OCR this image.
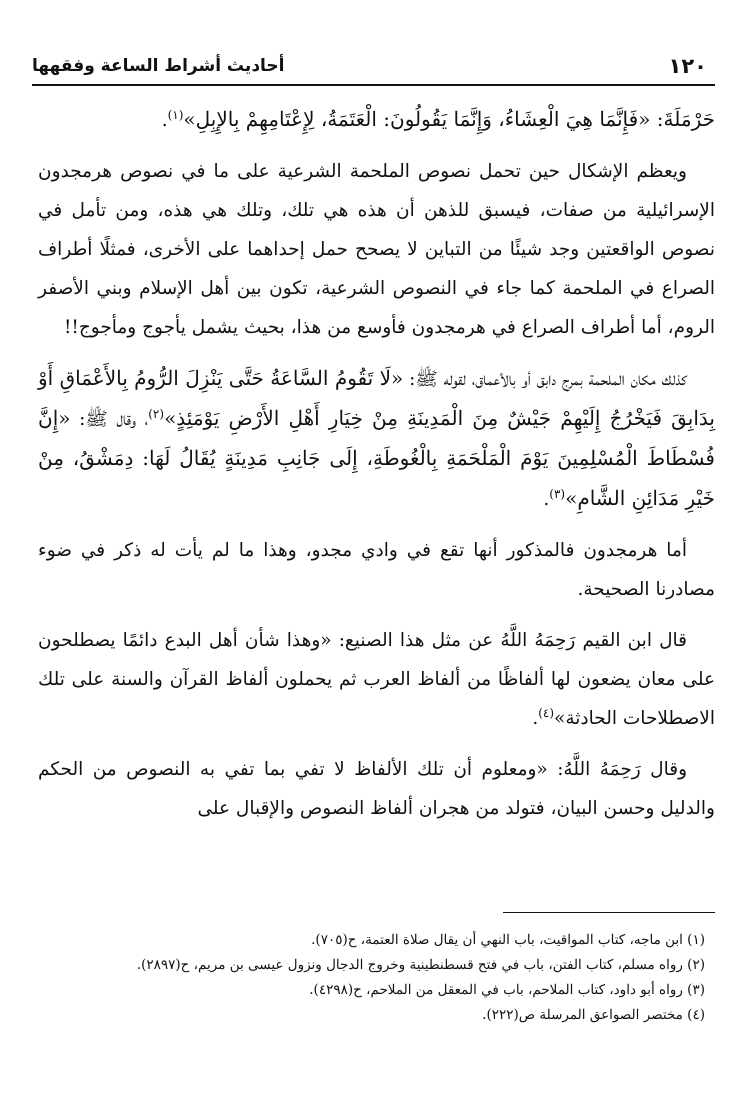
١٢٠
أحاديث أشراط الساعة وفقهها

حَرْمَلَةَ: «فَإِنَّمَا هِيَ الْعِشَاءُ، وَإِنَّمَا يَقُولُونَ: الْعَتَمَةُ، لِإِعْتَامِهِمْ بِالإِبِلِ»$^{(١)}$.

ويعظم الإشكال حين تحمل نصوص الملحمة الشرعية على ما في نصوص هرمجدون الإسرائيلية من صفات، فيسبق للذهن أن هذه هي تلك، وتلك هي هذه، ومن تأمل في نصوص الواقعتين وجد شيئًا من التباين لا يصحح حمل إحداهما على الأخرى، فمثلًا أطراف الصراع في الملحمة كما جاء في النصوص الشرعية، تكون بين أهل الإسلام وبني الأصفر الروم، أما أطراف الصراع في هرمجدون فأوسع من هذا، بحيث يشمل يأجوج ومأجوج!!

كذلك مكان الملحمة بمرج دابق أو بالأعماق، لقوله ﷺ: «لَا تَقُومُ السَّاعَةُ حَتَّى يَنْزِلَ الرُّومُ بِالأَعْمَاقِ أَوْ بِدَابِقَ فَيَخْرُجُ إِلَيْهِمْ جَيْشٌ مِنَ الْمَدِينَةِ مِنْ خِيَارِ أَهْلِ الأَرْضِ يَوْمَئِذٍ»$^{(٢)}$، وقال ﷺ: «إِنَّ فُسْطَاطَ الْمُسْلِمِينَ يَوْمَ الْمَلْحَمَةِ بِالْغُوطَةِ، إِلَى جَانِبِ مَدِينَةٍ يُقَالُ لَهَا: دِمَشْقُ، مِنْ خَيْرِ مَدَائِنِ الشَّامِ»$^{(٣)}$.

أما هرمجدون فالمذكور أنها تقع في وادي مجدو، وهذا ما لم يأت له ذكر في ضوء مصادرنا الصحيحة.

قال ابن القيم رَحِمَهُ اللَّهُ عن مثل هذا الصنيع: «وهذا شأن أهل البدع دائمًا يصطلحون على معان يضعون لها ألفاظًا من ألفاظ العرب ثم يحملون ألفاظ القرآن والسنة على تلك الاصطلاحات الحادثة»$^{(٤)}$.

وقال رَحِمَهُ اللَّهُ: «ومعلوم أن تلك الألفاظ لا تفي بما تفي به النصوص من الحكم والدليل وحسن البيان، فتولد من هجران ألفاظ النصوص والإقبال على

(١) ابن ماجه، كتاب المواقيت، باب النهي أن يقال صلاة العتمة، ح(٧٠٥).

(٢) رواه مسلم، كتاب الفتن، باب في فتح قسطنطينية وخروج الدجال ونزول عيسى بن مريم، ح(٢٨٩٧).

(٣) رواه أبو داود، كتاب الملاحم، باب في المعقل من الملاحم، ح(٤٢٩٨).

(٤) مختصر الصواعق المرسلة ص(٢٢٢).
